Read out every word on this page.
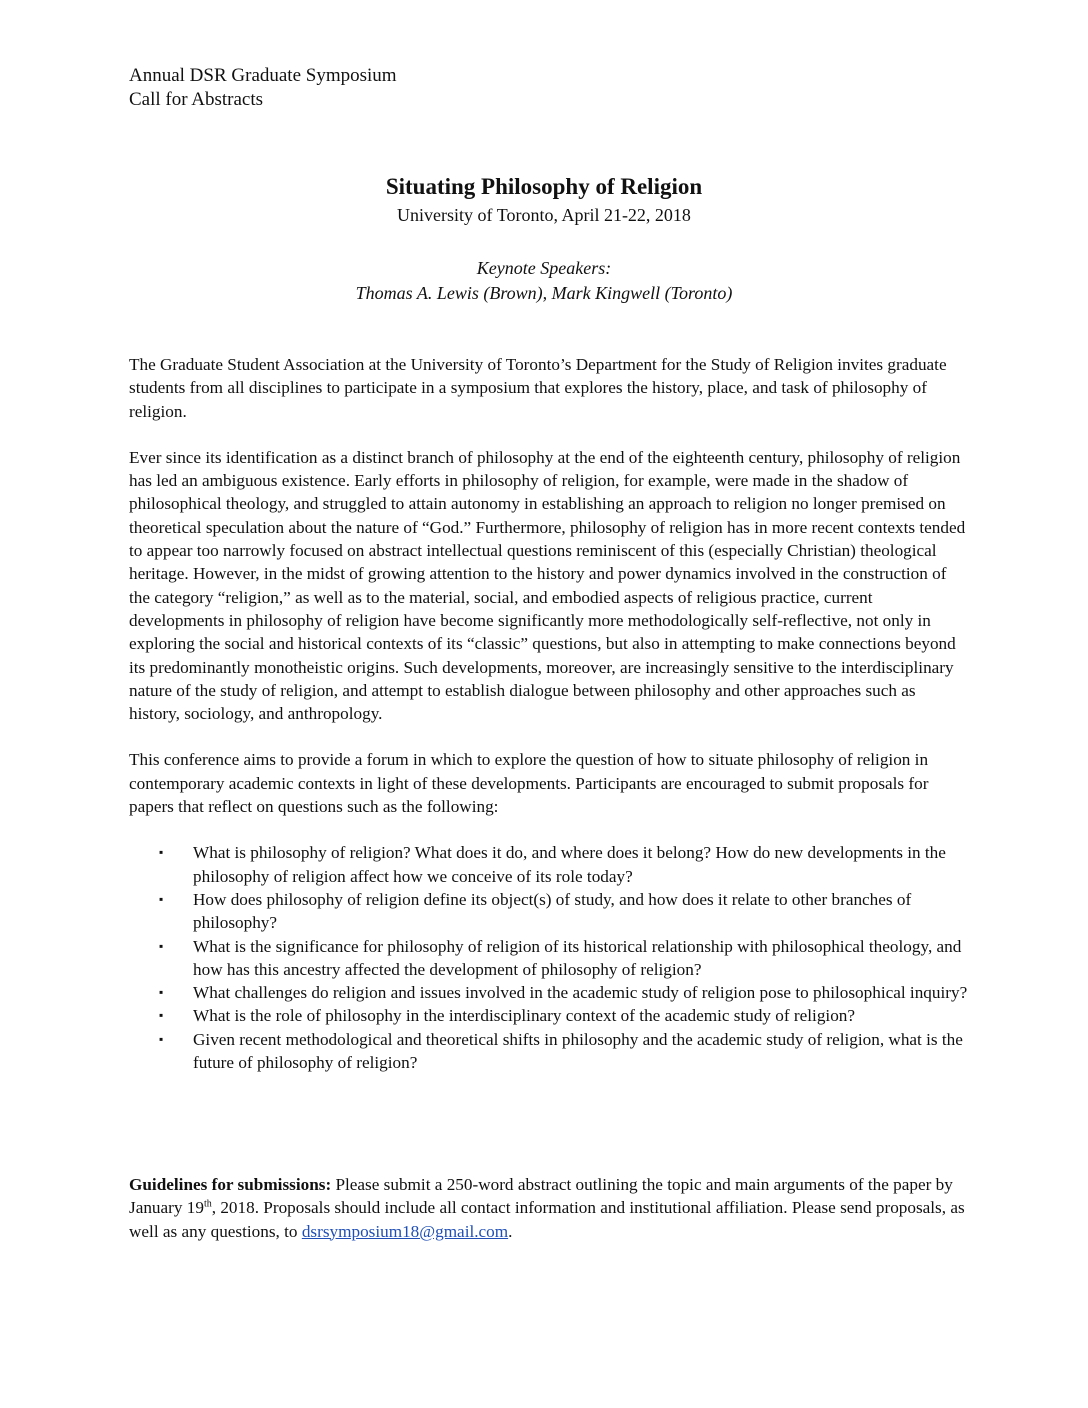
Annual DSR Graduate Symposium
Call for Abstracts
Situating Philosophy of Religion
University of Toronto, April 21-22, 2018
Keynote Speakers:
Thomas A. Lewis (Brown), Mark Kingwell (Toronto)

The Graduate Student Association at the University of Toronto’s Department for the Study of Religion invites graduate students from all disciplines to participate in a symposium that explores the history, place, and task of philosophy of religion.

Ever since its identification as a distinct branch of philosophy at the end of the eighteenth century, philosophy of religion has led an ambiguous existence. Early efforts in philosophy of religion, for example, were made in the shadow of philosophical theology, and struggled to attain autonomy in establishing an approach to religion no longer premised on theoretical speculation about the nature of “God.” Furthermore, philosophy of religion has in more recent contexts tended to appear too narrowly focused on abstract intellectual questions reminiscent of this (especially Christian) theological heritage. However, in the midst of growing attention to the history and power dynamics involved in the construction of the category “religion,” as well as to the material, social, and embodied aspects of religious practice, current developments in philosophy of religion have become significantly more methodologically self-reflective, not only in exploring the social and historical contexts of its “classic” questions, but also in attempting to make connections beyond its predominantly monotheistic origins. Such developments, moreover, are increasingly sensitive to the interdisciplinary nature of the study of religion, and attempt to establish dialogue between philosophy and other approaches such as history, sociology, and anthropology.

This conference aims to provide a forum in which to explore the question of how to situate philosophy of religion in contemporary academic contexts in light of these developments. Participants are encouraged to submit proposals for papers that reflect on questions such as the following:

▪ What is philosophy of religion? What does it do, and where does it belong? How do new developments in the philosophy of religion affect how we conceive of its role today?
▪ How does philosophy of religion define its object(s) of study, and how does it relate to other branches of philosophy?
▪ What is the significance for philosophy of religion of its historical relationship with philosophical theology, and how has this ancestry affected the development of philosophy of religion?
▪ What challenges do religion and issues involved in the academic study of religion pose to philosophical inquiry?
▪ What is the role of philosophy in the interdisciplinary context of the academic study of religion?
▪ Given recent methodological and theoretical shifts in philosophy and the academic study of religion, what is the future of philosophy of religion?
Guidelines for submissions: Please submit a 250-word abstract outlining the topic and main arguments of the paper by January 19th, 2018. Proposals should include all contact information and institutional affiliation. Please send proposals, as well as any questions, to dsrsymposium18@gmail.com.
